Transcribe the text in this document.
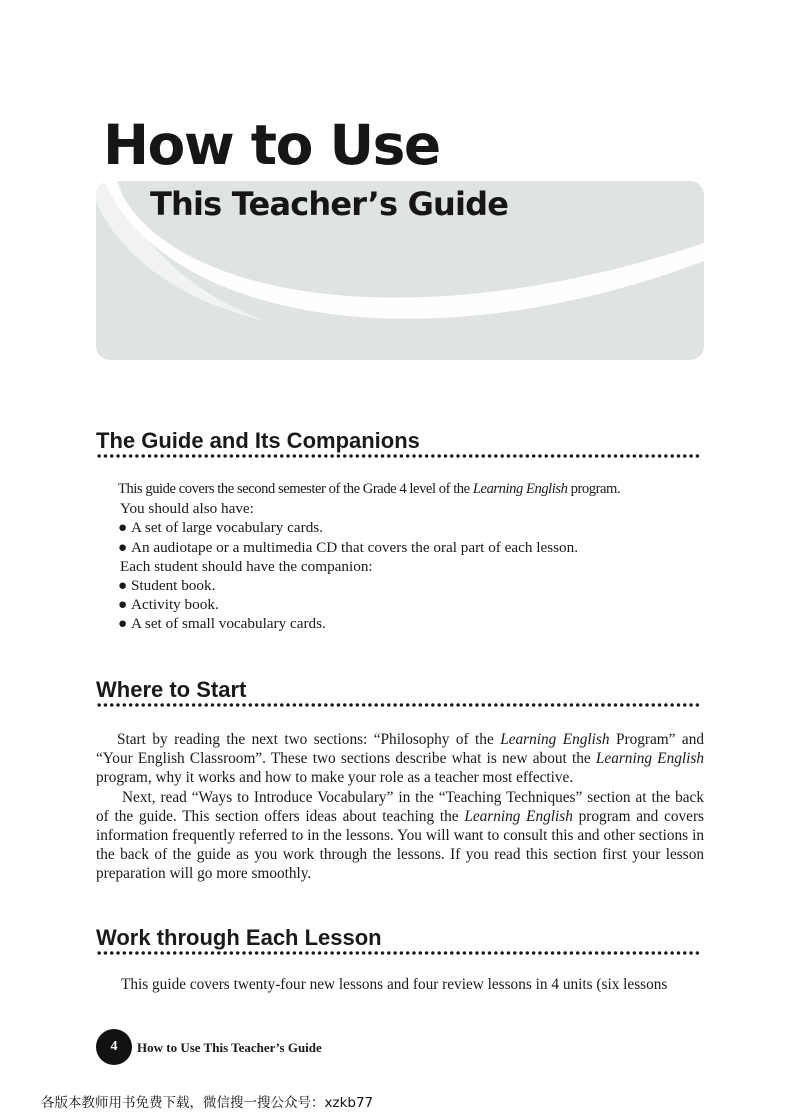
How to Use
This Teacher’s Guide
The Guide and Its Companions
This guide covers the second semester of the Grade 4 level of the Learning English program.
You should also have:
● A set of large vocabulary cards.
● An audiotape or a multimedia CD that covers the oral part of each lesson.
Each student should have the companion:
● Student book.
● Activity book.
● A set of small vocabulary cards.
Where to Start

Start by reading the next two sections: “Philosophy of the Learning English Program” and “Your English Classroom”. These two sections describe what is new about the Learning English program, why it works and how to make your role as a teacher most effective.

Next, read “Ways to Introduce Vocabulary” in the “Teaching Techniques” section at the back of the guide. This section offers ideas about teaching the Learning English program and covers information frequently referred to in the lessons. You will want to consult this and other sections in the back of the guide as you work through the lessons. If you read this section first your lesson preparation will go more smoothly.

Work through Each Lesson

This guide covers twenty-four new lessons and four review lessons in 4 units (six lessons

4	How to Use This Teacher’s Guide
各版本教师用书免费下载，微信搜一搜公众号：xzkb77
